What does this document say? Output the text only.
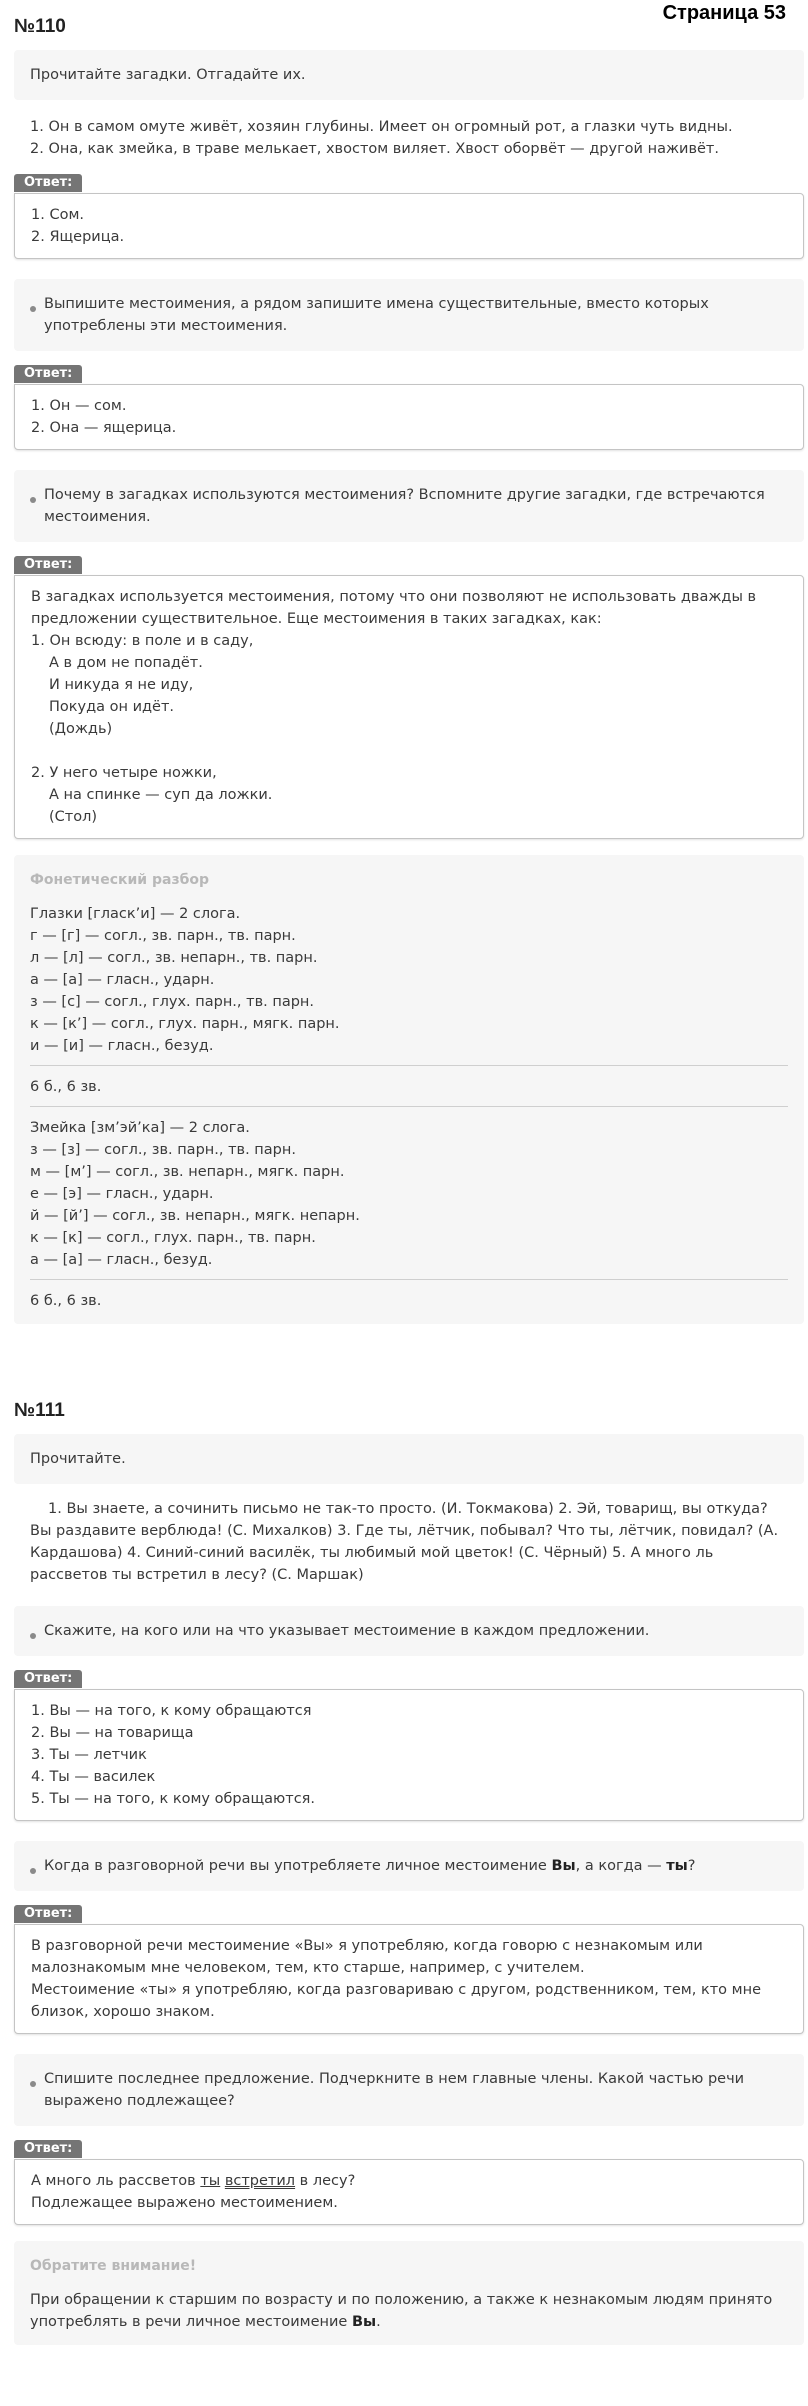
Страница 53
№110
Прочитайте загадки. Отгадайте их.
1. Он в самом омуте живёт, хозяин глубины. Имеет он огромный рот, а глазки чуть видны.
2. Она, как змейка, в траве мелькает, хвостом виляет. Хвост оборвёт — другой наживёт.
Ответ:
1. Сом.
2. Ящерица.
Выпишите местоимения, а рядом запишите имена существительные, вместо которых употреблены эти местоимения.
Ответ:
1. Он — сом.
2. Она — ящерица.
Почему в загадках используются местоимения? Вспомните другие загадки, где встречаются местоимения.
Ответ:
В загадках используется местоимения, потому что они позволяют не использовать дважды в предложении существительное. Еще местоимения в таких загадках, как:
1. Он всюду: в поле и в саду,
А в дом не попадёт.
И никуда я не иду,
Покуда он идёт.
(Дождь)
2. У него четыре ножки,
А на спинке — суп да ложки.
(Стол)
Фонетический разбор
Глазки [гласк’и] — 2 слога.
г — [г] — согл., зв. парн., тв. парн.
л — [л] — согл., зв. непарн., тв. парн.
а — [а] — гласн., ударн.
з — [с] — согл., глух. парн., тв. парн.
к — [к’] — согл., глух. парн., мягк. парн.
и — [и] — гласн., безуд.
6 б., 6 зв.
Змейка [зм’эй’ка] — 2 слога.
з — [з] — согл., зв. парн., тв. парн.
м — [м’] — согл., зв. непарн., мягк. парн.
е — [э] — гласн., ударн.
й — [й’] — согл., зв. непарн., мягк. непарн.
к — [к] — согл., глух. парн., тв. парн.
а — [а] — гласн., безуд.
6 б., 6 зв.
№111
Прочитайте.
1. Вы знаете, а сочинить письмо не так-то просто. (И. Токмакова) 2. Эй, товарищ, вы откуда? Вы раздавите верблюда! (С. Михалков) 3. Где ты, лётчик, побывал? Что ты, лётчик, повидал? (А. Кардашова) 4. Синий-синий василёк, ты любимый мой цветок! (С. Чёрный) 5. А много ль рассветов ты встретил в лесу? (С. Маршак)
Скажите, на кого или на что указывает местоимение в каждом предложении.
Ответ:
1. Вы — на того, к кому обращаются
2. Вы — на товарища
3. Ты — летчик
4. Ты — василек
5. Ты — на того, к кому обращаются.
Когда в разговорной речи вы употребляете личное местоимение Вы, а когда — ты?
Ответ:
В разговорной речи местоимение «Вы» я употребляю, когда говорю с незнакомым или малознакомым мне человеком, тем, кто старше, например, с учителем.
Местоимение «ты» я употребляю, когда разговариваю с другом, родственником, тем, кто мне близок, хорошо знаком.
Спишите последнее предложение. Подчеркните в нем главные члены. Какой частью речи выражено подлежащее?
Ответ:
А много ль рассветов ты встретил в лесу?
Подлежащее выражено местоимением.
Обратите внимание!
При обращении к старшим по возрасту и по положению, а также к незнакомым людям принято употреблять в речи личное местоимение Вы.
